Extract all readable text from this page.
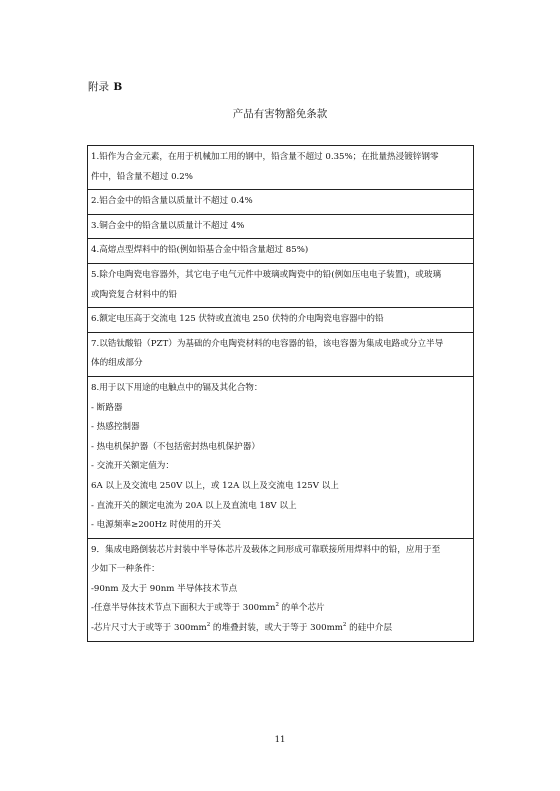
附录 B
产品有害物豁免条款
1.铅作为合金元素，在用于机械加工用的钢中，铅含量不超过 0.35%；在批量热浸镀锌钢零
件中，铅含量不超过 0.2%

2.铝合金中的铅含量以质量计不超过 0.4%

3.铜合金中的铅含量以质量计不超过 4%

4.高熔点型焊料中的铅(例如铅基合金中铅含量超过 85%)

5.除介电陶瓷电容器外，其它电子电气元件中玻璃或陶瓷中的铅(例如压电电子装置)，或玻璃
或陶瓷复合材料中的铅

6.额定电压高于交流电 125 伏特或直流电 250 伏特的介电陶瓷电容器中的铅

7.以锆钛酸铅（PZT）为基础的介电陶瓷材料的电容器的铅，该电容器为集成电路或分立半导
体的组成部分

8.用于以下用途的电触点中的镉及其化合物：
- 断路器
- 热感控制器
- 热电机保护器（不包括密封热电机保护器）
- 交流开关额定值为：
6A 以上及交流电 250V 以上，或 12A 以上及交流电 125V 以上
- 直流开关的额定电流为 20A 以上及直流电 18V 以上
- 电源频率≥200Hz 时使用的开关

9．集成电路倒装芯片封装中半导体芯片及载体之间形成可靠联接所用焊料中的铅，应用于至
少如下一种条件：
-90nm 及大于 90nm 半导体技术节点
-任意半导体技术节点下面积大于或等于 $300mm^2$ 的单个芯片
-芯片尺寸大于或等于 $300mm^2$ 的堆叠封装，或大于等于 $300mm^2$ 的硅中介层
11
